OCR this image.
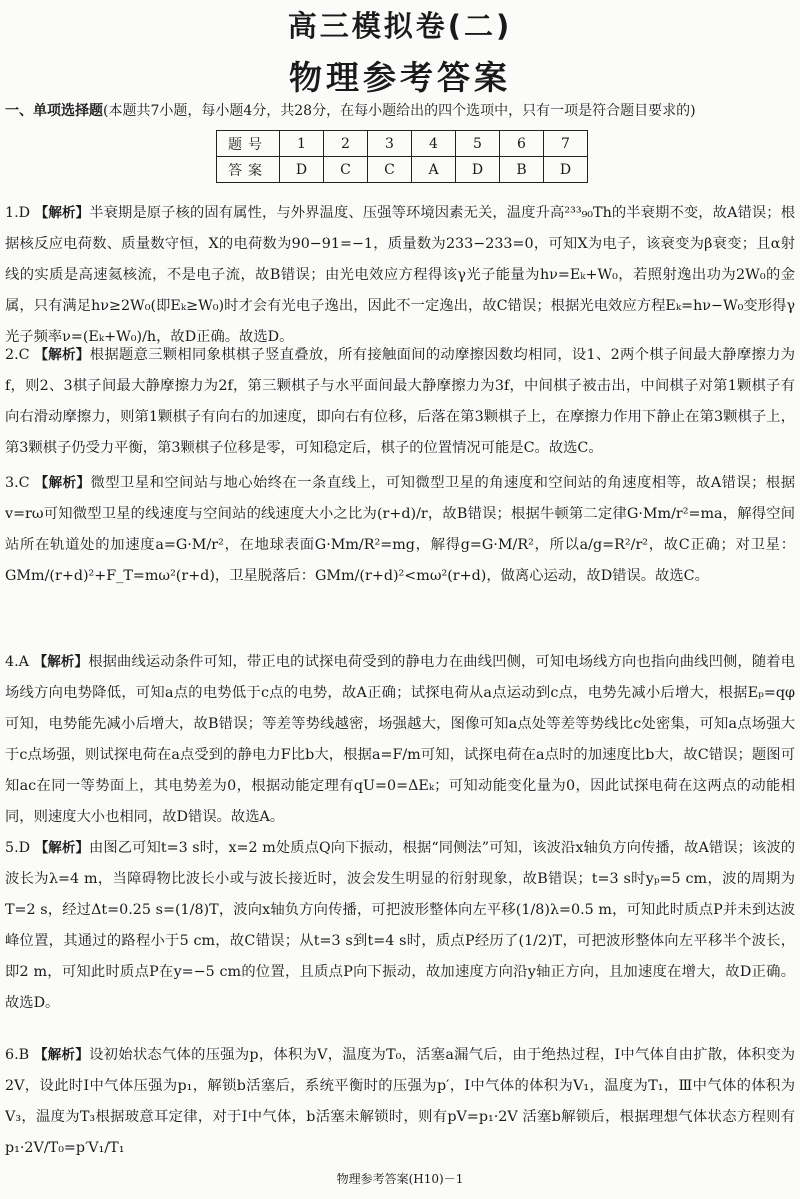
高三模拟卷(二)
物理参考答案
一、单项选择题(本题共7小题，每小题4分，共28分，在每小题给出的四个选项中，只有一项是符合题目要求的)
题号	1	2	3	4	5	6	7
答案	D	C	C	A	D	B	D
1.D 【解析】半衰期是原子核的固有属性，与外界温度、压强等环境因素无关，温度升高²³³₉₀Th的半衰期不变，故A错误；根据核反应电荷数、质量数守恒，X的电荷数为90−91=−1，质量数为233−233=0，可知X为电子，该衰变为β衰变；且α射线的实质是高速氦核流，不是电子流，故B错误；由光电效应方程得该γ光子能量为hν=Eₖ+W₀，若照射逸出功为2W₀的金属，只有满足hν≥2W₀(即Eₖ≥W₀)时才会有光电子逸出，因此不一定逸出，故C错误；根据光电效应方程Eₖ=hν−W₀变形得γ光子频率ν=(Eₖ+W₀)/h，故D正确。故选D。
2.C 【解析】根据题意三颗相同象棋棋子竖直叠放，所有接触面间的动摩擦因数均相同，设1、2两个棋子间最大静摩擦力为f，则2、3棋子间最大静摩擦力为2f，第三颗棋子与水平面间最大静摩擦力为3f，中间棋子被击出，中间棋子对第1颗棋子有向右滑动摩擦力，则第1颗棋子有向右的加速度，即向右有位移，后落在第3颗棋子上，在摩擦力作用下静止在第3颗棋子上，第3颗棋子仍受力平衡，第3颗棋子位移是零，可知稳定后，棋子的位置情况可能是C。故选C。
3.C 【解析】微型卫星和空间站与地心始终在一条直线上，可知微型卫星的角速度和空间站的角速度相等，故A错误；根据v=rω可知微型卫星的线速度与空间站的线速度大小之比为(r+d)/r，故B错误；根据牛顿第二定律G·Mm/r²=ma，解得空间站所在轨道处的加速度a=G·M/r²，在地球表面G·Mm/R²=mg，解得g=G·M/R²，所以a/g=R²/r²，故C正确；对卫星：GMm/(r+d)²+F_T=mω²(r+d)，卫星脱落后：GMm/(r+d)²<mω²(r+d)，做离心运动，故D错误。故选C。
4.A 【解析】根据曲线运动条件可知，带正电的试探电荷受到的静电力在曲线凹侧，可知电场线方向也指向曲线凹侧，随着电场线方向电势降低，可知a点的电势低于c点的电势，故A正确；试探电荷从a点运动到c点，电势先减小后增大，根据Eₚ=qφ可知，电势能先减小后增大，故B错误；等差等势线越密，场强越大，图像可知a点处等差等势线比c处密集，可知a点场强大于c点场强，则试探电荷在a点受到的静电力F比b大，根据a=F/m可知，试探电荷在a点时的加速度比b大，故C错误；题图可知ac在同一等势面上，其电势差为0，根据动能定理有qU=0=ΔEₖ；可知动能变化量为0，因此试探电荷在这两点的动能相同，则速度大小也相同，故D错误。故选A。
5.D 【解析】由图乙可知t=3 s时，x=2 m处质点Q向下振动，根据“同侧法”可知，该波沿x轴负方向传播，故A错误；该波的波长为λ=4 m，当障碍物比波长小或与波长接近时，波会发生明显的衍射现象，故B错误；t=3 s时yₚ=5 cm，波的周期为T=2 s，经过Δt=0.25 s=(1/8)T，波向x轴负方向传播，可把波形整体向左平移(1/8)λ=0.5 m，可知此时质点P并未到达波峰位置，其通过的路程小于5 cm，故C错误；从t=3 s到t=4 s时，质点P经历了(1/2)T，可把波形整体向左平移半个波长，即2 m，可知此时质点P在y=−5 cm的位置，且质点P向下振动，故加速度方向沿y轴正方向，且加速度在增大，故D正确。故选D。
6.B 【解析】设初始状态气体的压强为p，体积为V，温度为T₀，活塞a漏气后，由于绝热过程，Ⅰ中气体自由扩散，体积变为2V，设此时Ⅰ中气体压强为p₁，解锁b活塞后，系统平衡时的压强为p′，Ⅰ中气体的体积为V₁，温度为T₁，Ⅲ中气体的体积为V₃，温度为T₃根据玻意耳定律，对于Ⅰ中气体，b活塞未解锁时，则有pV=p₁·2V 活塞b解锁后，根据理想气体状态方程则有p₁·2V/T₀=p′V₁/T₁
物理参考答案(H10)－1
